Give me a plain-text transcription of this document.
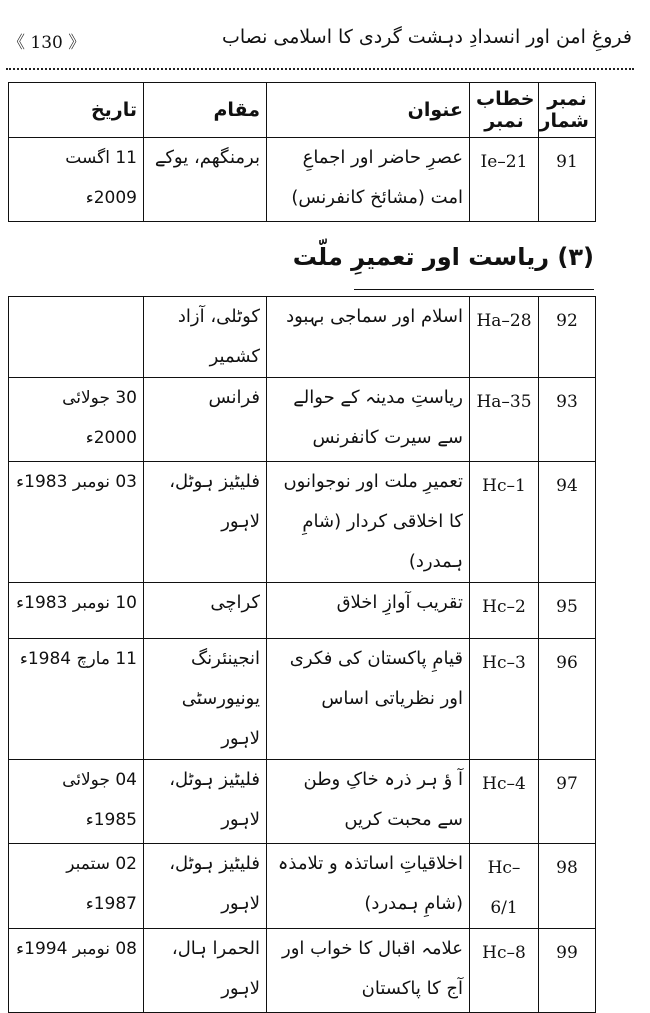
《 130 》	فروغِ امن اور انسدادِ دہشت گردی کا اسلامی نصاب
نمبر شمار	خطاب نمبر	عنوان	مقام	تاریخ
91	Ie–21	عصرِ حاضر اور اجماعِ امت (مشائخ کانفرنس)	برمنگھم، یوکے	11 اگست 2009ء
(۳) ریاست اور تعمیرِ ملّت
92	Ha–28	اسلام اور سماجی بہبود	کوٹلی، آزاد کشمیر	
93	Ha–35	ریاستِ مدینہ کے حوالے سے سیرت کانفرنس	فرانس	30 جولائی 2000ء
94	Hc–1	تعمیرِ ملت اور نوجوانوں کا اخلاقی کردار (شامِ ہمدرد)	فلیٹیز ہوٹل، لاہور	03 نومبر 1983ء
95	Hc–2	تقریب آوازِ اخلاق	کراچی	10 نومبر 1983ء
96	Hc–3	قیامِ پاکستان کی فکری اور نظریاتی اساس	انجینئرنگ یونیورسٹی لاہور	11 مارچ 1984ء
97	Hc–4	آ ؤ ہر ذرہ خاکِ وطن سے محبت کریں	فلیٹیز ہوٹل، لاہور	04 جولائی 1985ء
98	Hc–6/1	اخلاقیاتِ اساتذہ و تلامذہ (شامِ ہمدرد)	فلیٹیز ہوٹل، لاہور	02 ستمبر 1987ء
99	Hc–8	علامہ اقبال کا خواب اور آج کا پاکستان	الحمرا ہال، لاہور	08 نومبر 1994ء
